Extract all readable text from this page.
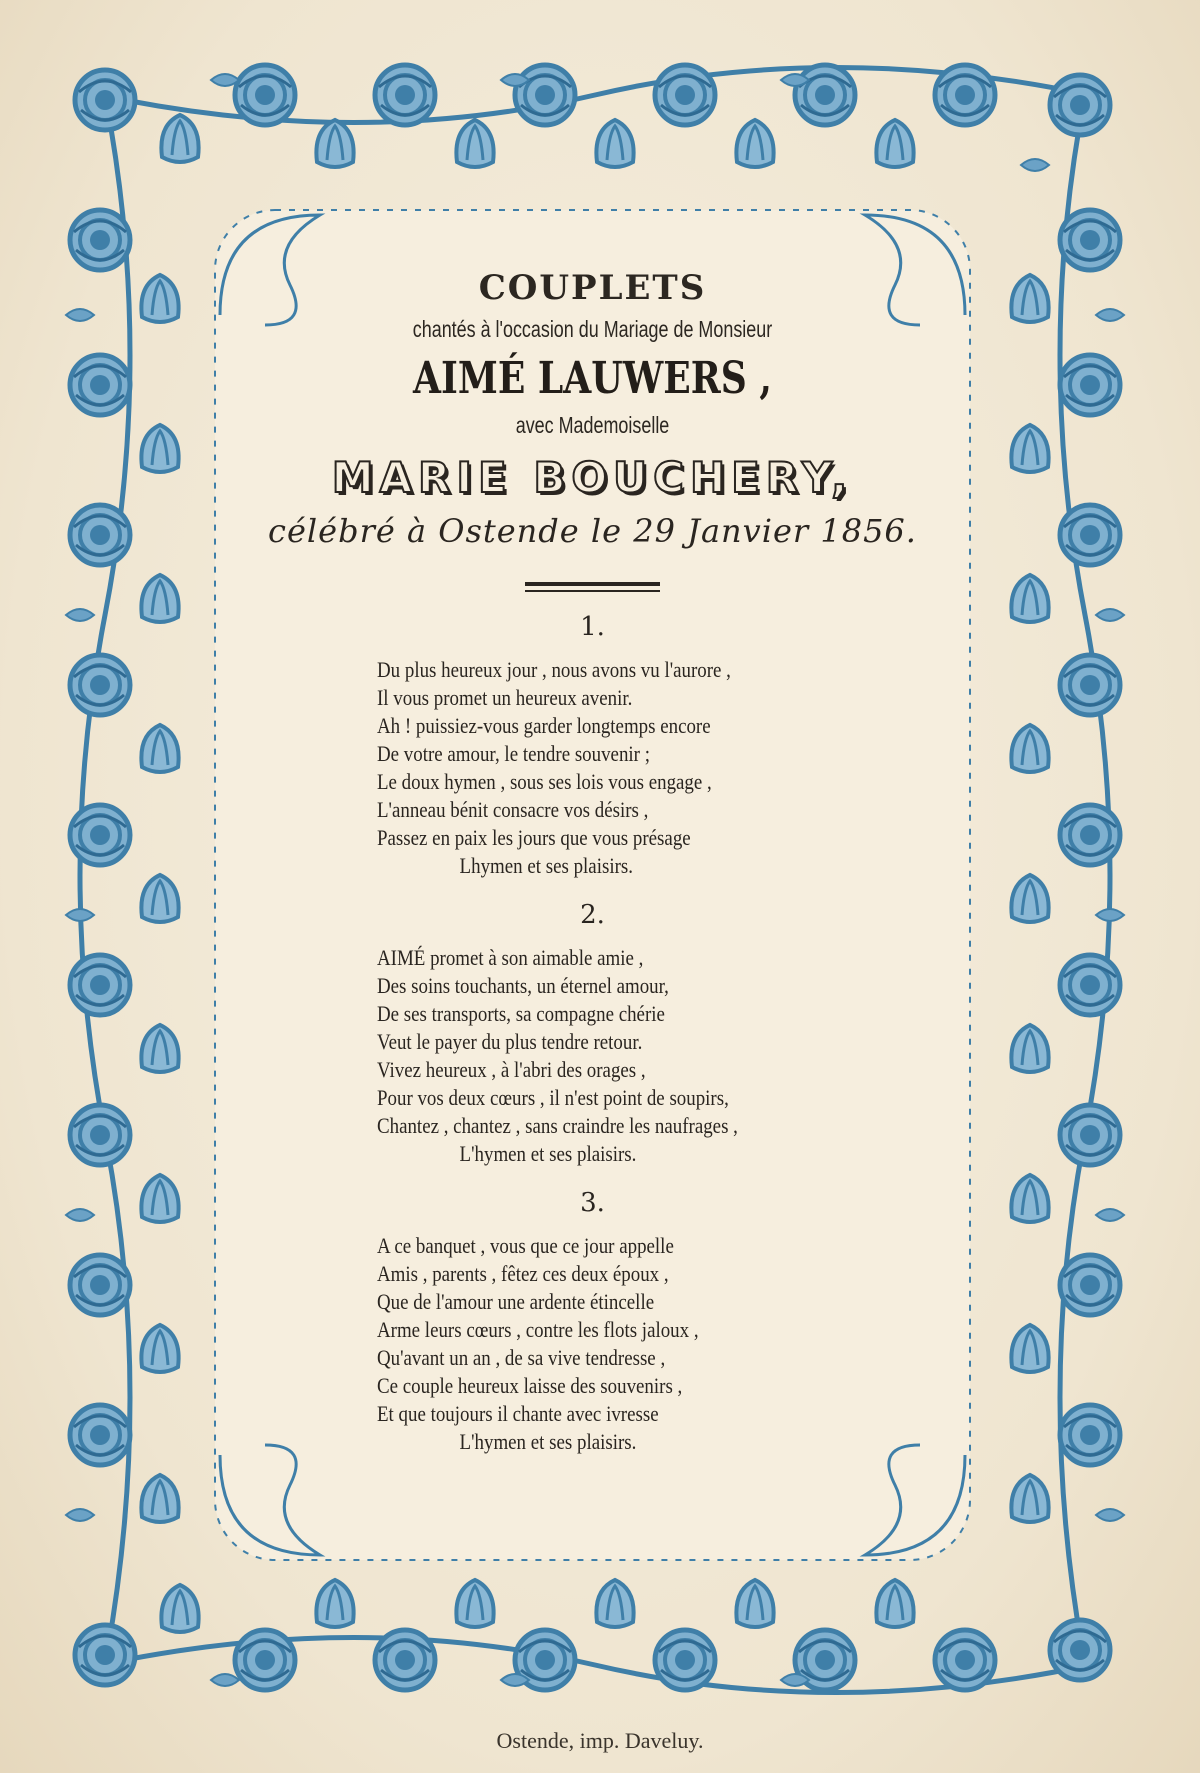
COUPLETS
chantés à l'occasion du Mariage de Monsieur
AIMÉ LAUWERS ,
avec Mademoiselle
MARIE BOUCHERY,
célébré à Ostende le 29 Janvier 1856.
1.
Du plus heureux jour , nous avons vu l'aurore ,
Il vous promet un heureux avenir.
Ah ! puissiez-vous garder longtemps encore
De votre amour, le tendre souvenir ;
Le doux hymen , sous ses lois vous engage ,
L'anneau bénit consacre vos désirs ,
Passez en paix les jours que vous présage
Lhymen et ses plaisirs.
2.
AIMÉ promet à son aimable amie ,
Des soins touchants, un éternel amour,
De ses transports, sa compagne chérie
Veut le payer du plus tendre retour.
Vivez heureux , à l'abri des orages ,
Pour vos deux cœurs , il n'est point de soupirs,
Chantez , chantez , sans craindre les naufrages ,
L'hymen et ses plaisirs.
3.
A ce banquet , vous que ce jour appelle
Amis , parents , fêtez ces deux époux ,
Que de l'amour une ardente étincelle
Arme leurs cœurs , contre les flots jaloux ,
Qu'avant un an , de sa vive tendresse ,
Ce couple heureux laisse des souvenirs ,
Et que toujours il chante avec ivresse
L'hymen et ses plaisirs.
Ostende, imp. Daveluy.
